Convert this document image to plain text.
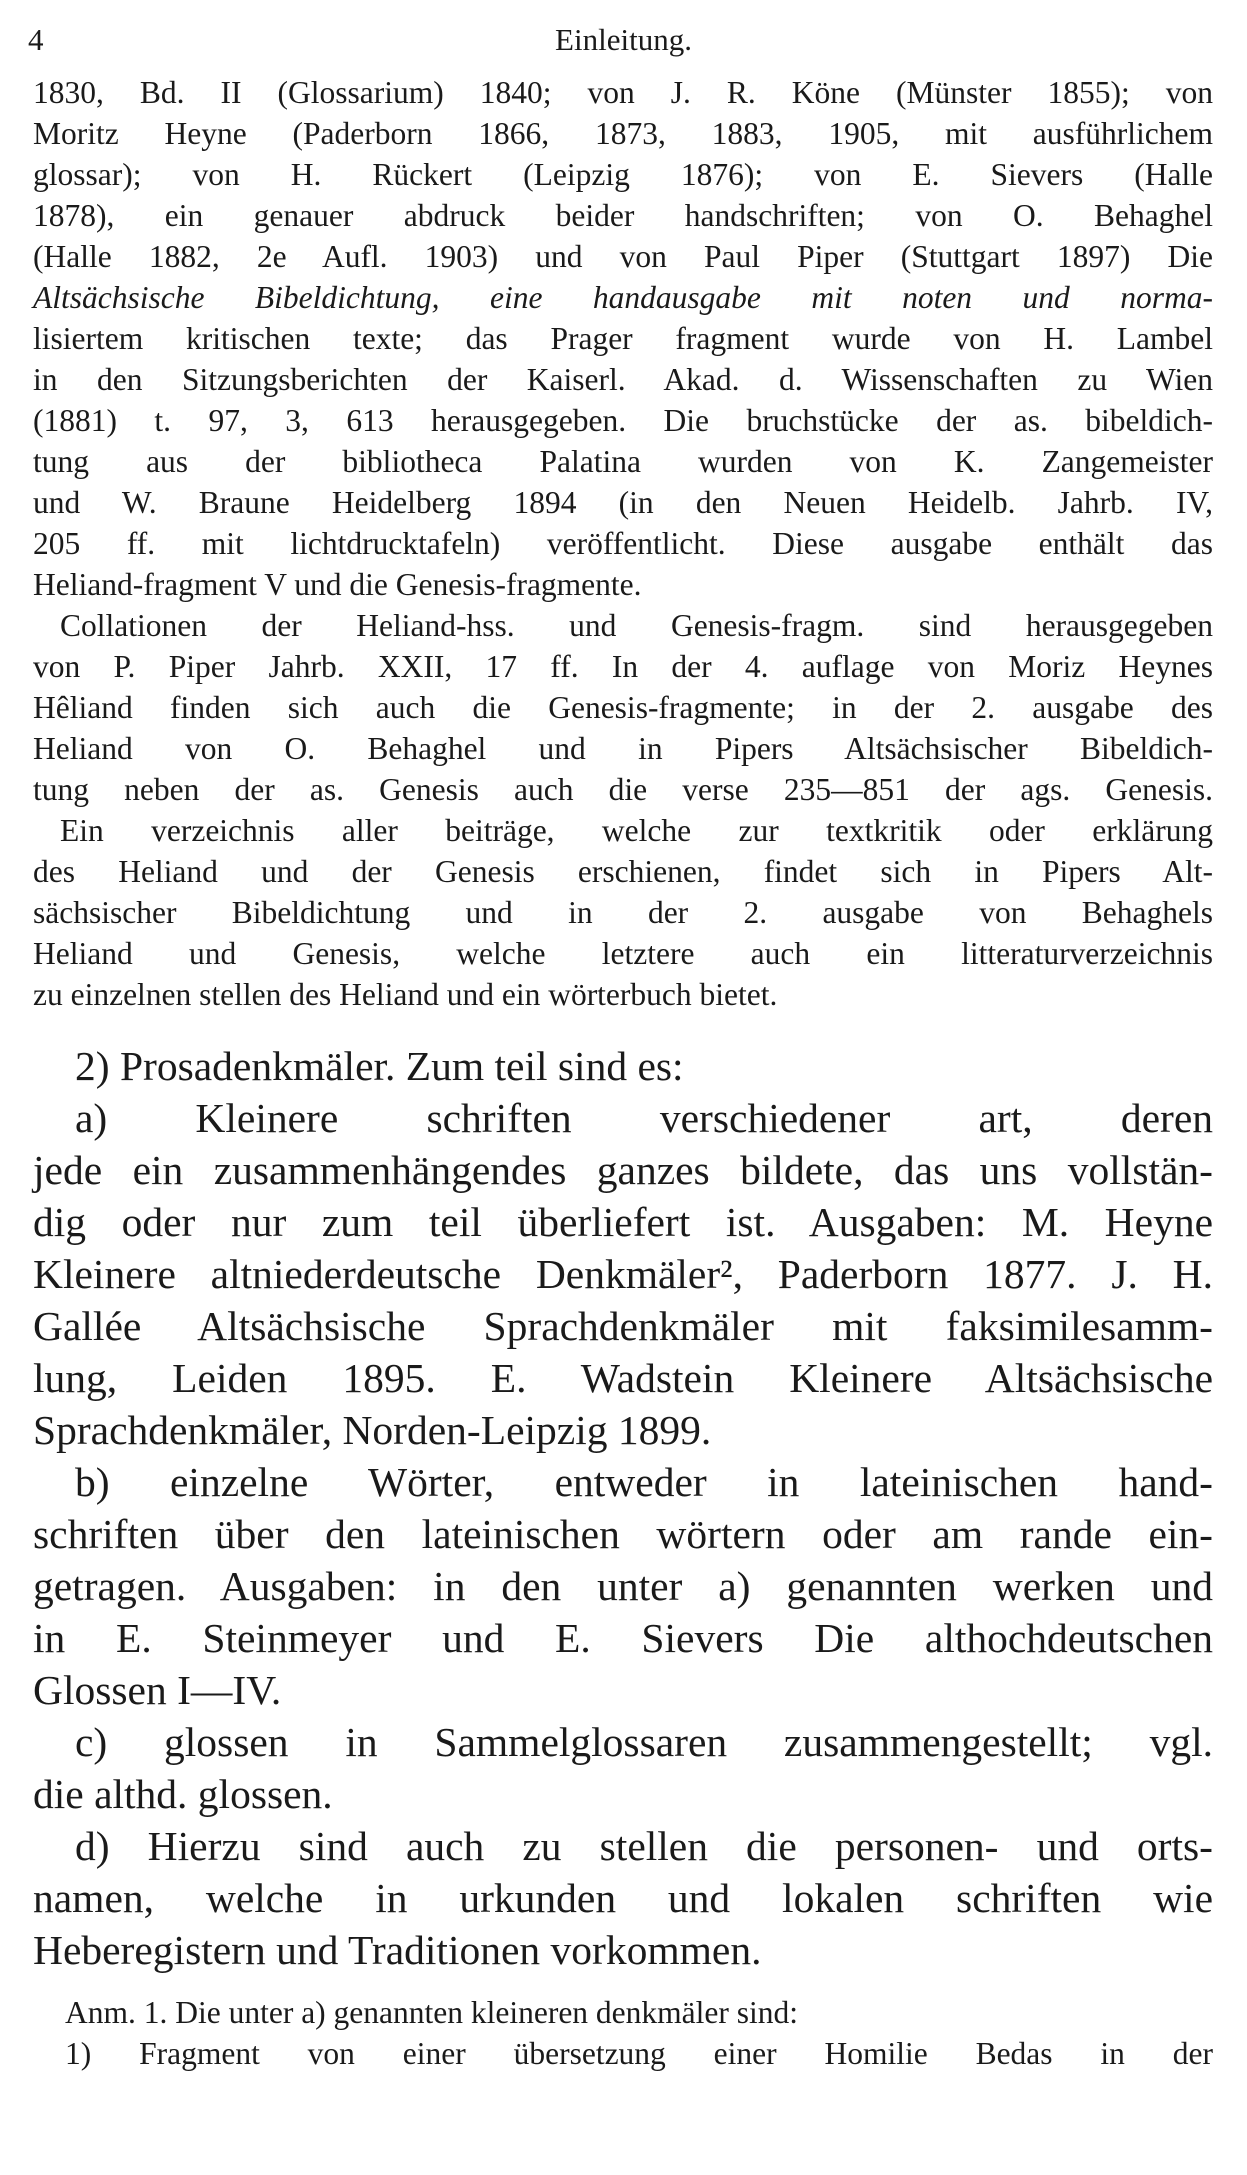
4	Einleitung.
1830, Bd. II (Glossarium) 1840; von J. R. Köne (Münster 1855); von
Moritz Heyne (Paderborn 1866, 1873, 1883, 1905, mit ausführlichem
glossar); von H. Rückert (Leipzig 1876); von E. Sievers (Halle
1878), ein genauer abdruck beider handschriften; von O. Behaghel
(Halle 1882, 2e Aufl. 1903) und von Paul Piper (Stuttgart 1897) Die
Altsächsische Bibeldichtung, eine handausgabe mit noten und norma-
lisiertem kritischen texte; das Prager fragment wurde von H. Lambel
in den Sitzungsberichten der Kaiserl. Akad. d. Wissenschaften zu Wien
(1881) t. 97, 3, 613 herausgegeben. Die bruchstücke der as. bibeldich-
tung aus der bibliotheca Palatina wurden von K. Zangemeister
und W. Braune Heidelberg 1894 (in den Neuen Heidelb. Jahrb. IV,
205 ff. mit lichtdrucktafeln) veröffentlicht. Diese ausgabe enthält das
Heliand-fragment V und die Genesis-fragmente.
Collationen der Heliand-hss. und Genesis-fragm. sind herausgegeben
von P. Piper Jahrb. XXII, 17 ff. In der 4. auflage von Moriz Heynes
Hêliand finden sich auch die Genesis-fragmente; in der 2. ausgabe des
Heliand von O. Behaghel und in Pipers Altsächsischer Bibeldich-
tung neben der as. Genesis auch die verse 235—851 der ags. Genesis.
Ein verzeichnis aller beiträge, welche zur textkritik oder erklärung
des Heliand und der Genesis erschienen, findet sich in Pipers Alt-
sächsischer Bibeldichtung und in der 2. ausgabe von Behaghels
Heliand und Genesis, welche letztere auch ein litteraturverzeichnis
zu einzelnen stellen des Heliand und ein wörterbuch bietet.
2) Prosadenkmäler. Zum teil sind es:
a) Kleinere schriften verschiedener art, deren
jede ein zusammenhängendes ganzes bildete, das uns vollstän-
dig oder nur zum teil überliefert ist. Ausgaben: M. Heyne
Kleinere altniederdeutsche Denkmäler², Paderborn 1877. J. H.
Gallée Altsächsische Sprachdenkmäler mit faksimilesamm-
lung, Leiden 1895. E. Wadstein Kleinere Altsächsische
Sprachdenkmäler, Norden-Leipzig 1899.
b) einzelne Wörter, entweder in lateinischen hand-
schriften über den lateinischen wörtern oder am rande ein-
getragen. Ausgaben: in den unter a) genannten werken und
in E. Steinmeyer und E. Sievers Die althochdeutschen
Glossen I—IV.
c) glossen in Sammelglossaren zusammengestellt; vgl.
die althd. glossen.
d) Hierzu sind auch zu stellen die personen- und orts-
namen, welche in urkunden und lokalen schriften wie
Heberegistern und Traditionen vorkommen.
Anm. 1. Die unter a) genannten kleineren denkmäler sind:
1) Fragment von einer übersetzung einer Homilie Bedas in der
